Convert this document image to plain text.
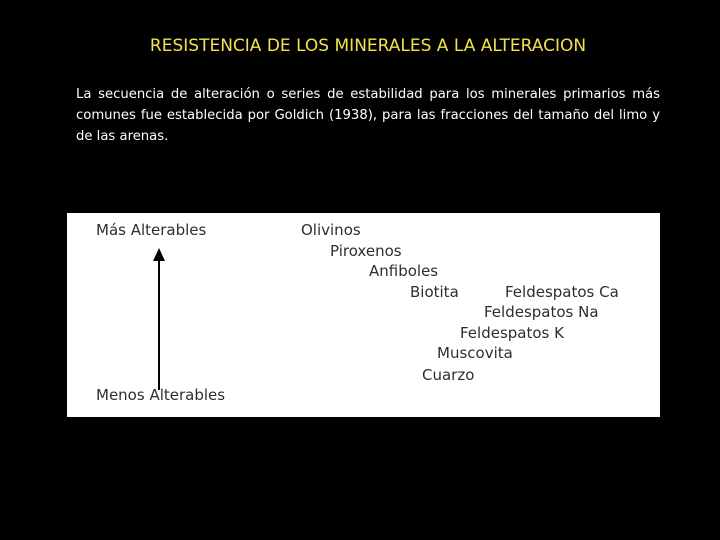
RESISTENCIA DE LOS MINERALES A LA ALTERACION
La secuencia de alteración o series de estabilidad para los minerales primarios más comunes fue establecida por Goldich (1938), para las fracciones del tamaño del limo y de las arenas.
Más Alterables
Menos Alterables
Olivinos
Piroxenos
Anfiboles
Biotita	Feldespatos Ca
Feldespatos Na
Feldespatos K
Muscovita
Cuarzo
